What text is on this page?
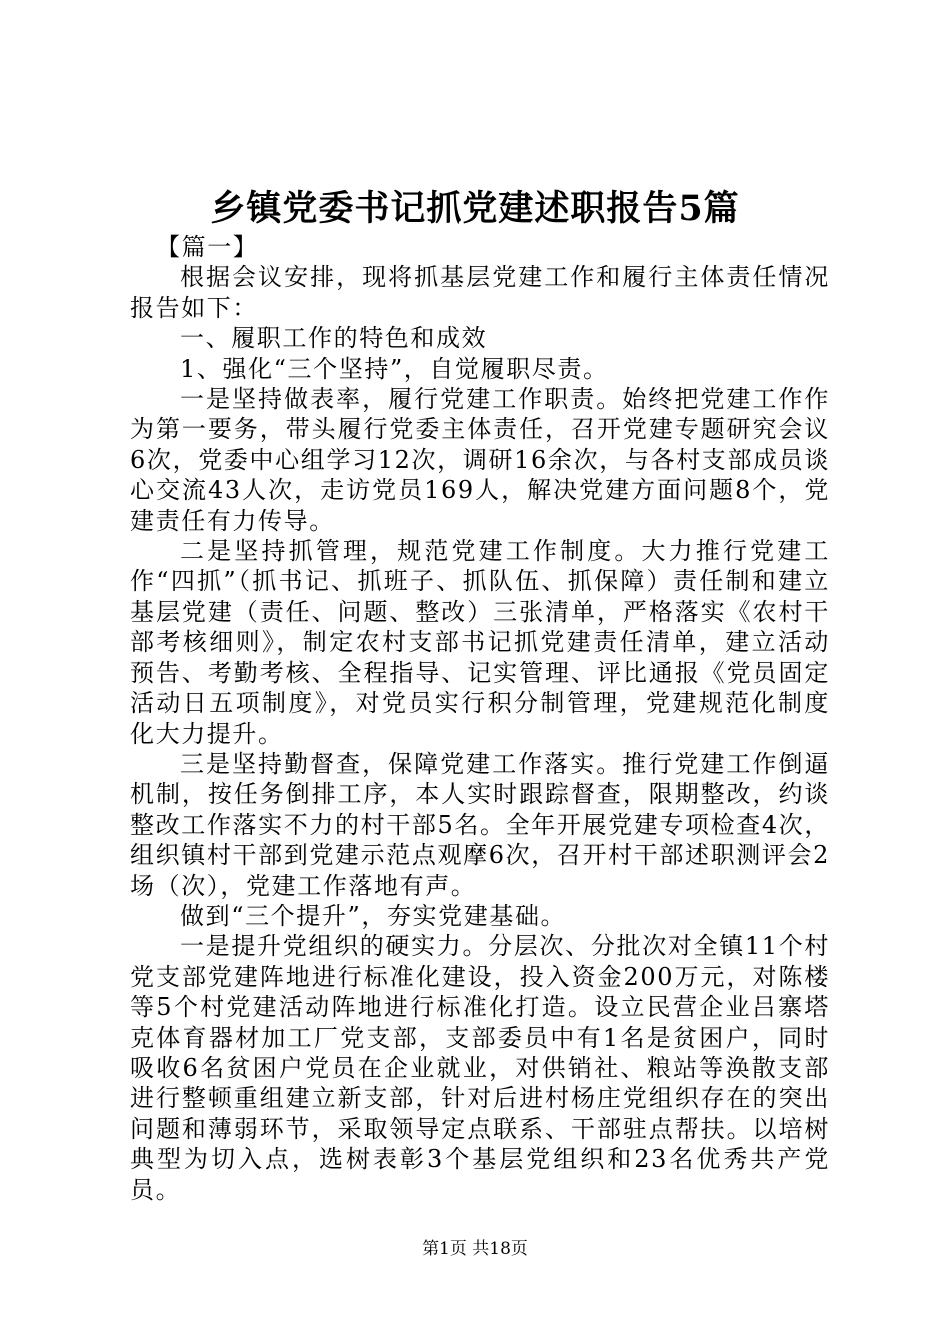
乡镇党委书记抓党建述职报告5篇

【篇一】

根据会议安排，现将抓基层党建工作和履行主体责任情况报告如下：

一、履职工作的特色和成效

1、强化“三个坚持”，自觉履职尽责。

一是坚持做表率，履行党建工作职责。始终把党建工作作为第一要务，带头履行党委主体责任，召开党建专题研究会议6次，党委中心组学习12次，调研16余次，与各村支部成员谈心交流43人次，走访党员169人，解决党建方面问题8个，党建责任有力传导。

二是坚持抓管理，规范党建工作制度。大力推行党建工作“四抓”（抓书记、抓班子、抓队伍、抓保障）责任制和建立基层党建（责任、问题、整改）三张清单，严格落实《农村干部考核细则》，制定农村支部书记抓党建责任清单，建立活动预告、考勤考核、全程指导、记实管理、评比通报《党员固定活动日五项制度》，对党员实行积分制管理，党建规范化制度化大力提升。

三是坚持勤督查，保障党建工作落实。推行党建工作倒逼机制，按任务倒排工序，本人实时跟踪督查，限期整改，约谈整改工作落实不力的村干部5名。全年开展党建专项检查4次，组织镇村干部到党建示范点观摩6次，召开村干部述职测评会2场（次），党建工作落地有声。

做到“三个提升”，夯实党建基础。

一是提升党组织的硬实力。分层次、分批次对全镇11个村党支部党建阵地进行标准化建设，投入资金200万元，对陈楼等5个村党建活动阵地进行标准化打造。设立民营企业吕寨塔克体育器材加工厂党支部，支部委员中有1名是贫困户，同时吸收6名贫困户党员在企业就业，对供销社、粮站等涣散支部进行整顿重组建立新支部，针对后进村杨庄党组织存在的突出问题和薄弱环节，采取领导定点联系、干部驻点帮扶。以培树典型为切入点，选树表彰3个基层党组织和23名优秀共产党员。

第1页 共18页
